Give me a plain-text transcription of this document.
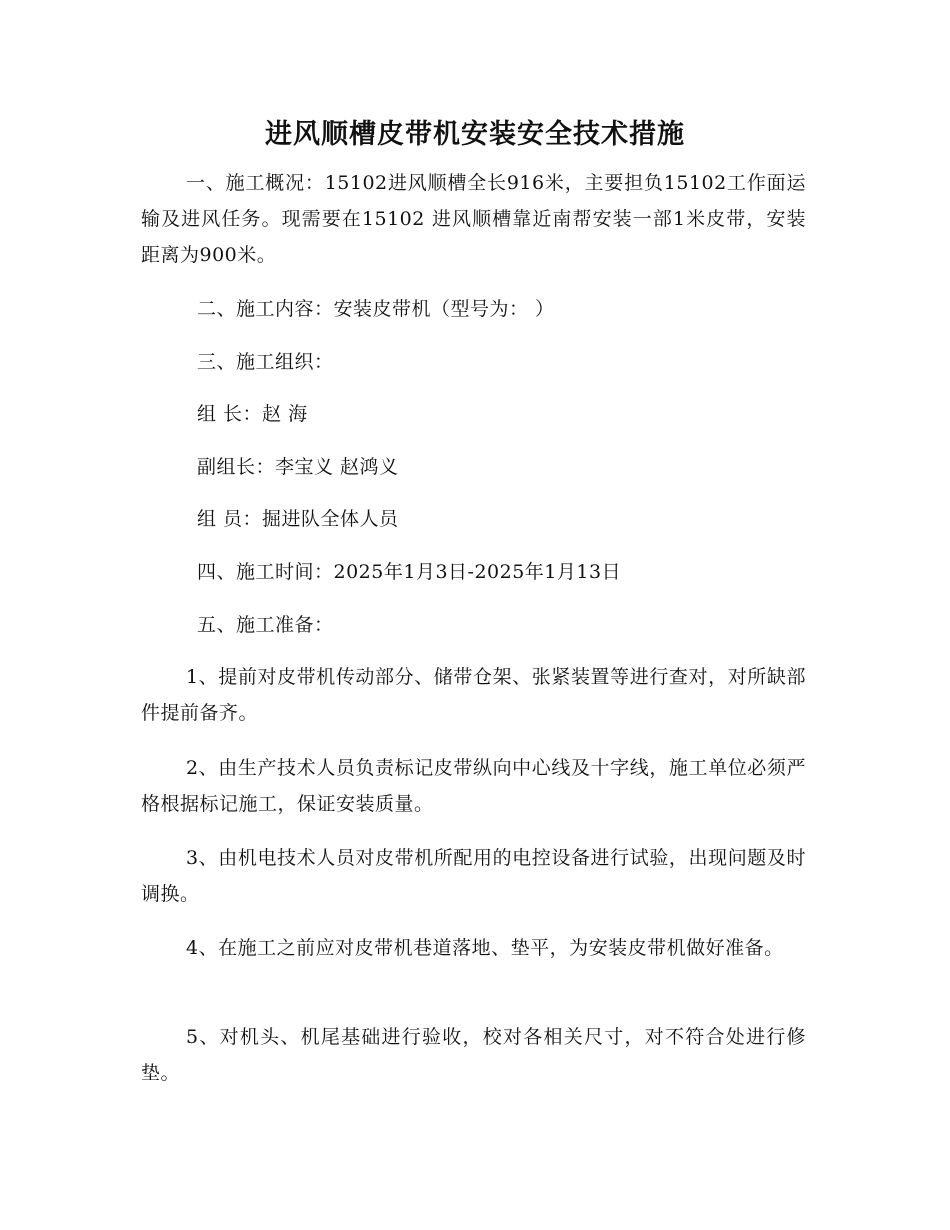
进风顺槽皮带机安装安全技术措施

一、施工概况：15102进风顺槽全长916米，主要担负15102工作面运输及进风任务。现需要在15102 进风顺槽靠近南帮安装一部1米皮带，安装距离为900米。

二、施工内容：安装皮带机（型号为： ）

三、施工组织：

组 长：赵 海

副组长：李宝义 赵鸿义

组 员：掘进队全体人员

四、施工时间：2025年1月3日-2025年1月13日

五、施工准备：

1、提前对皮带机传动部分、储带仓架、张紧装置等进行查对，对所缺部件提前备齐。

2、由生产技术人员负责标记皮带纵向中心线及十字线，施工单位必须严格根据标记施工，保证安装质量。

3、由机电技术人员对皮带机所配用的电控设备进行试验，出现问题及时调换。

4、在施工之前应对皮带机巷道落地、垫平，为安装皮带机做好准备。

5、对机头、机尾基础进行验收，校对各相关尺寸，对不符合处进行修垫。
